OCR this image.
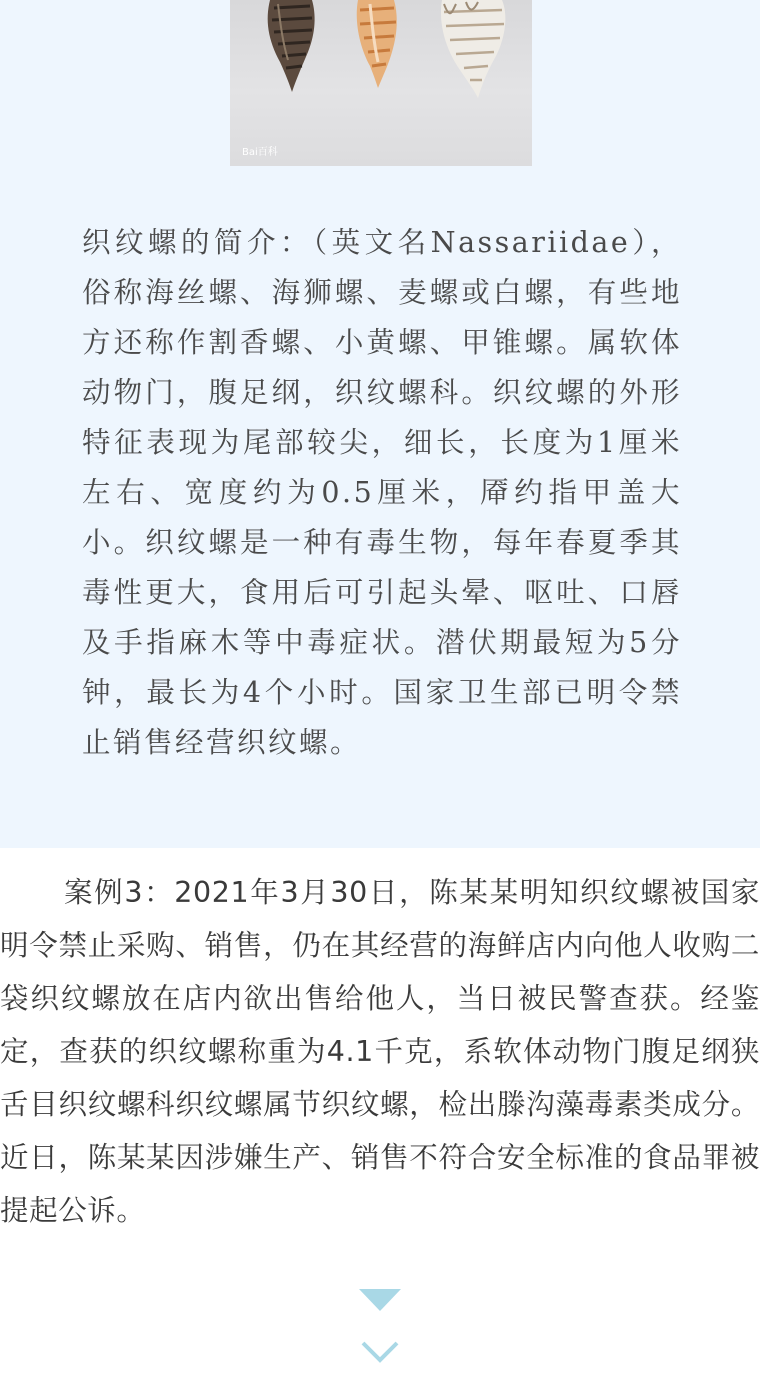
Bai百科

织纹螺的简介：（英文名Nassariidae），俗称海丝螺、海狮螺、麦螺或白螺，有些地方还称作割香螺、小黄螺、甲锥螺。属软体动物门，腹足纲，织纹螺科。织纹螺的外形特征表现为尾部较尖，细长，长度为1厘米左右、宽度约为0.5厘米，厣约指甲盖大小。织纹螺是一种有毒生物，每年春夏季其毒性更大，食用后可引起头晕、呕吐、口唇及手指麻木等中毒症状。潜伏期最短为5分钟，最长为4个小时。国家卫生部已明令禁止销售经营织纹螺。

案例3：2021年3月30日，陈某某明知织纹螺被国家明令禁止采购、销售，仍在其经营的海鲜店内向他人收购二袋织纹螺放在店内欲出售给他人，当日被民警查获。经鉴定，查获的织纹螺称重为4.1千克，系软体动物门腹足纲狭舌目织纹螺科织纹螺属节织纹螺，检出滕沟藻毒素类成分。近日，陈某某因涉嫌生产、销售不符合安全标准的食品罪被提起公诉。
